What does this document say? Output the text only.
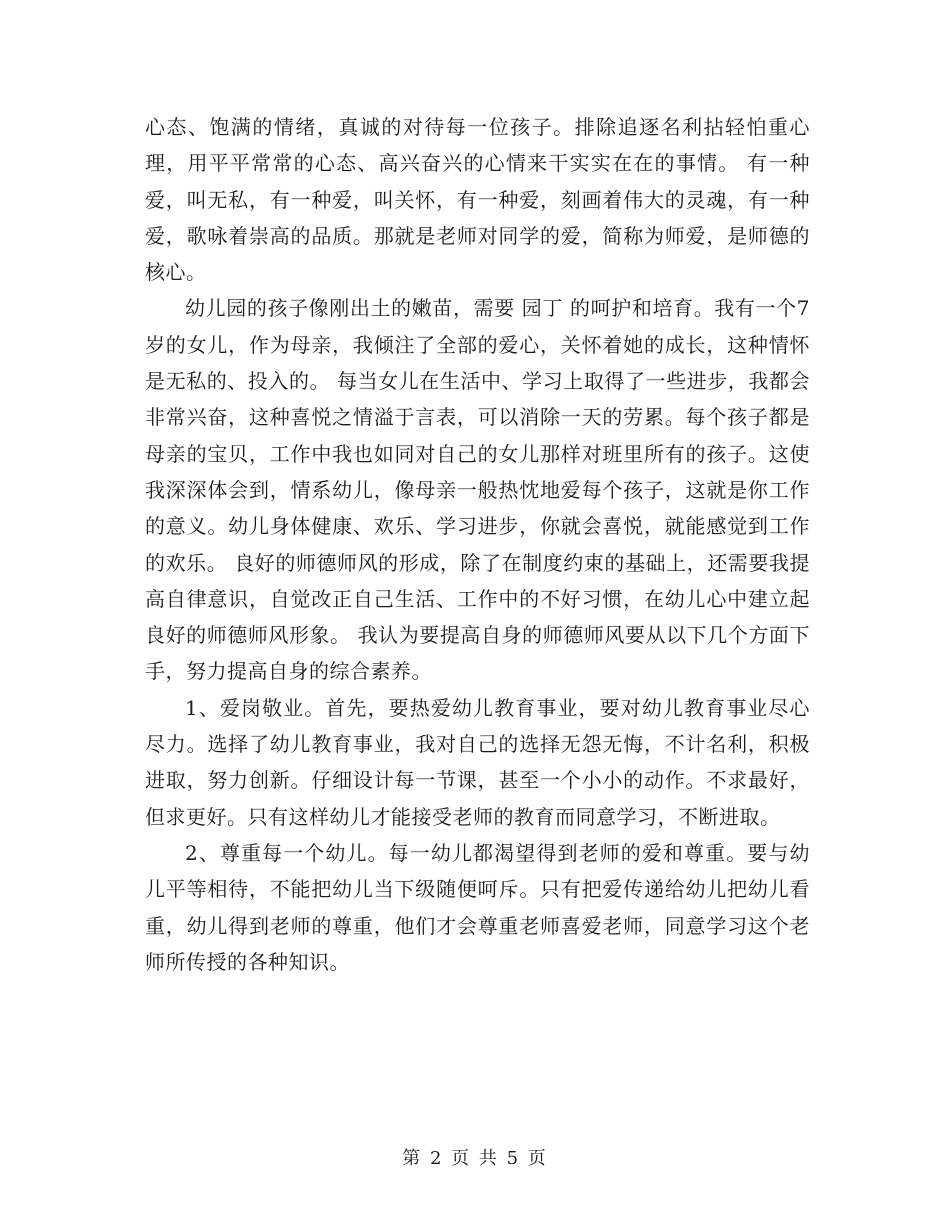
心态、饱满的情绪，真诚的对待每一位孩子。排除追逐名利拈轻怕重心理，用平平常常的心态、高兴奋兴的心情来干实实在在的事情。 有一种爱，叫无私，有一种爱，叫关怀，有一种爱，刻画着伟大的灵魂，有一种爱，歌咏着崇高的品质。那就是老师对同学的爱，简称为师爱，是师德的核心。

幼儿园的孩子像刚出土的嫩苗，需要 园丁 的呵护和培育。我有一个7岁的女儿，作为母亲，我倾注了全部的爱心，关怀着她的成长，这种情怀是无私的、投入的。 每当女儿在生活中、学习上取得了一些进步，我都会非常兴奋，这种喜悦之情溢于言表，可以消除一天的劳累。每个孩子都是母亲的宝贝，工作中我也如同对自己的女儿那样对班里所有的孩子。这使我深深体会到，情系幼儿，像母亲一般热忱地爱每个孩子，这就是你工作的意义。幼儿身体健康、欢乐、学习进步，你就会喜悦，就能感觉到工作的欢乐。 良好的师德师风的形成，除了在制度约束的基础上，还需要我提高自律意识，自觉改正自己生活、工作中的不好习惯，在幼儿心中建立起良好的师德师风形象。 我认为要提高自身的师德师风要从以下几个方面下手，努力提高自身的综合素养。

1、爱岗敬业。首先，要热爱幼儿教育事业，要对幼儿教育事业尽心尽力。选择了幼儿教育事业，我对自己的选择无怨无悔，不计名利，积极进取，努力创新。仔细设计每一节课，甚至一个小小的动作。不求最好，但求更好。只有这样幼儿才能接受老师的教育而同意学习，不断进取。

2、尊重每一个幼儿。每一幼儿都渴望得到老师的爱和尊重。要与幼儿平等相待，不能把幼儿当下级随便呵斥。只有把爱传递给幼儿把幼儿看重，幼儿得到老师的尊重，他们才会尊重老师喜爱老师，同意学习这个老师所传授的各种知识。

第 2 页 共 5 页
